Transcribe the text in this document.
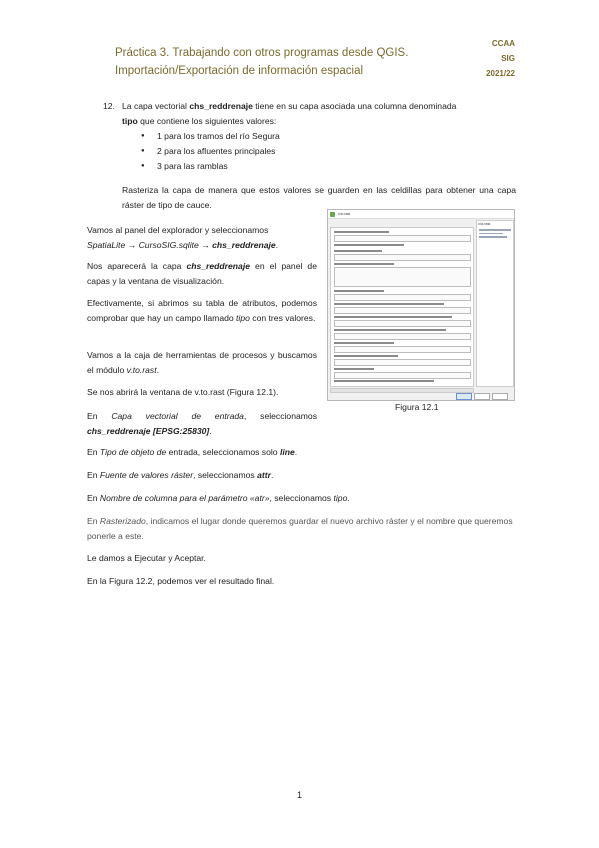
Práctica 3. Trabajando con otros programas desde QGIS.
Importación/Exportación de información espacial
CCAA
SIG
2021/22
12. La capa vectorial chs_reddrenaje tiene en su capa asociada una columna denominada
tipo que contiene los siguientes valores:
● 1 para los tramos del río Segura
● 2 para los afluentes principales
● 3 para las ramblas
Rasteriza la capa de manera que estos valores se guarden en las celdillas para obtener una capa ráster de tipo de cauce.
Vamos al panel del explorador y seleccionamos
SpatiaLite → CursoSIG.sqlite → chs_reddrenaje.
Nos aparecerá la capa chs_reddrenaje en el panel de capas y la ventana de visualización.
Efectivamente, si abrimos su tabla de atributos, podemos comprobar que hay un campo llamado tipo con tres valores.
Vamos a la caja de herramientas de procesos y buscamos el módulo v.to.rast.
Se nos abrirá la ventana de v.to.rast (Figura 12.1).
En Capa vectorial de entrada, seleccionamos chs_reddrenaje [EPSG:25830].
En Tipo de objeto de entrada, seleccionamos solo line.
En Fuente de valores ráster, seleccionamos attr.
En Nombre de columna para el parámetro «atr», seleccionamos tipo.
En Rasterizado, indicamos el lugar donde queremos guardar el nuevo archivo ráster y el nombre que queremos ponerle a este.
Le damos a Ejecutar y Aceptar.
En la Figura 12.2, podemos ver el resultado final.
v.to.rast
v.to.rast
Figura 12.1
1
